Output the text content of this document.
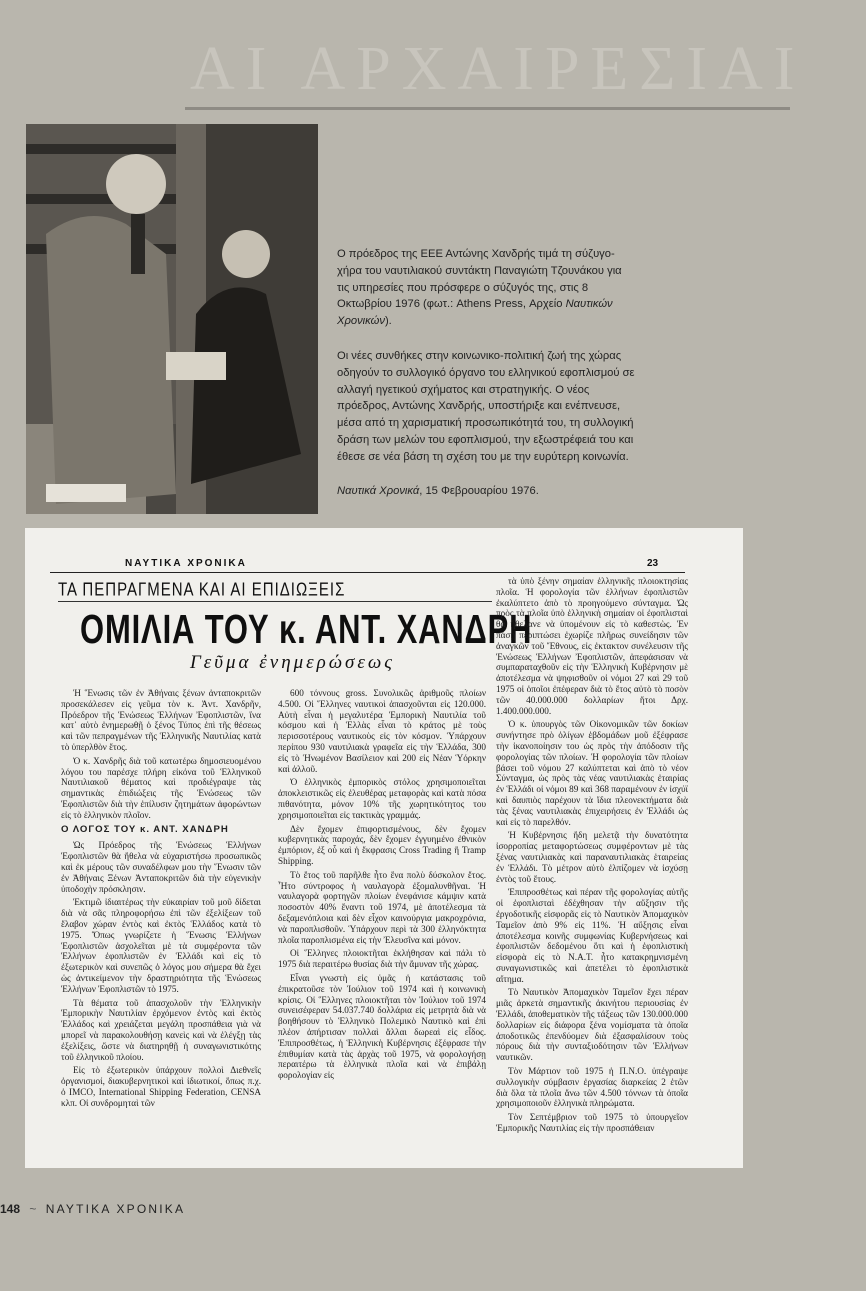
ΑΙ ΑΡΧΑΙΡΕΣΙΑΙ

Ο πρόεδρος της ΕΕΕ Αντώνης Χανδρής τιμά τη σύζυγο-χήρα του ναυτιλιακού συντάκτη Παναγιώτη Τζουνάκου για τις υπηρεσίες που πρόσφερε ο σύζυγός της, στις 8 Οκτωβρίου 1976 (φωτ.: Athens Press, Αρχείο Ναυτικών Χρονικών).

Οι νέες συνθήκες στην κοινωνικο-πολιτική ζωή της χώρας οδηγούν το συλλογικό όργανο του ελληνικού εφοπλισμού σε αλλαγή ηγετικού σχήματος και στρατηγικής. Ο νέος πρόεδρος, Αντώνης Χανδρής, υποστήριξε και ενέπνευσε, μέσα από τη χαρισματική προσωπικότητά του, τη συλλογική δράση των μελών του εφοπλισμού, την εξωστρέφειά του και έθεσε σε νέα βάση τη σχέση του με την ευρύτερη κοινωνία.

Ναυτικά Χρονικά, 15 Φεβρουαρίου 1976.

ΝΑΥΤΙΚΑ ΧΡΟΝΙΚΑ	23
ΤΑ ΠΕΠΡΑΓΜΕΝΑ ΚΑΙ ΑΙ ΕΠΙΔΙΩΞΕΙΣ
ΟΜΙΛΙΑ ΤΟΥ κ. ΑΝΤ. ΧΑΝΔΡΗ
Γεῦμα ἐνημερώσεως

Ἡ Ἕνωσις τῶν ἐν Ἀθήναις ξένων ἀνταποκριτῶν προσεκάλεσεν εἰς γεῦμα τὸν κ. Ἀντ. Χανδρῆν, Πρόεδρον τῆς Ἑνώσεως Ἑλλήνων Ἐφοπλιστῶν, ἵνα κατ᾽ αὐτὸ ἐνημερωθῇ ὁ ξένος Τύπος ἐπὶ τῆς θέσεως καὶ τῶν πεπραγμένων τῆς Ἑλληνικῆς Ναυτιλίας κατὰ τὸ ὑπερλθὸν ἔτος.

Ὁ κ. Χανδρῆς διὰ τοῦ κατωτέρω δημοσιευομένου λόγου του παρέσχε πλήρη εἰκόνα τοῦ Ἑλληνικοῦ Ναυτιλιακοῦ θέματος καὶ προδιέγραψε τὰς σημαντικὰς ἐπιδιώξεις τῆς Ἑνώσεως τῶν Ἐφοπλιστῶν διὰ τὴν ἐπίλυσιν ζητημάτων ἀφορώντων εἰς τὸ ἑλληνικὸν πλοῖον.

Ο ΛΟΓΟΣ ΤΟΥ κ. ΑΝΤ. ΧΑΝΔΡΗ

Ὡς Πρόεδρος τῆς Ἑνώσεως Ἑλλήνων Ἐφοπλιστῶν θὰ ἤθελα νὰ εὐχαριστήσω προσωπικῶς καὶ ἐκ μέρους τῶν συναδέλφων μου τὴν Ἕνωσιν τῶν ἐν Ἀθήναις Ξένων Ἀνταποκριτῶν διὰ τὴν εὐγενικὴν ὑποδοχὴν πρόσκλησιν.

Ἐκτιμῶ ἰδιαιτέρως τὴν εὐκαιρίαν τοῦ μοῦ δίδεται διὰ νὰ σᾶς πληροφορήσω ἐπὶ τῶν ἐξελίξεων τοῦ ἔλαβον χώραν ἐντὸς καὶ ἐκτὸς Ἑλλάδος κατὰ τὸ 1975. Ὅπως γνωρίζετε ἡ Ἕνωσις Ἑλλήνων Ἐφοπλιστῶν ἀσχολεῖται μὲ τὰ συμφέροντα τῶν Ἑλλήνων ἐφοπλιστῶν ἐν Ἑλλάδι καὶ εἰς τὸ ἐξωτερικὸν καὶ συνεπῶς ὁ λόγος μου σήμερα θὰ ἔχει ὡς ἀντικείμενον τὴν δραστηριότητα τῆς Ἑνώσεως Ἑλλήνων Ἐφοπλιστῶν τὸ 1975.

Τὰ θέματα τοῦ ἀπασχολοῦν τὴν Ἑλληνικὴν Ἐμπορικὴν Ναυτιλίαν ἐρχόμενον ἐντὸς καὶ ἐκτὸς Ἑλλάδος καὶ χρειάζεται μεγάλη προσπάθεια γιὰ νὰ μπορεῖ νὰ παρακολουθήσῃ κανεὶς καὶ νὰ ἐλέγξῃ τὰς ἐξελίξεις, ὥστε νὰ διατηρηθῇ ἡ συναγωνιστικότης τοῦ ἑλληνικοῦ πλοίου.

Εἰς τὸ ἐξωτερικὸν ὑπάρχουν πολλοὶ Διεθνεῖς ὀργανισμοί, διακυβερνητικοὶ καὶ ἰδιωτικοί, ὅπως π.χ. ὁ IMCO, International Shipping Federation, CENSA κλπ. Οἱ συνδρομηταὶ τῶν

600 τόννους gross. Συνολικῶς ἀριθμοῦς πλοίων 4.500. Οἱ Ἕλληνες ναυτικοὶ ἀπασχοῦνται εἰς 120.000. Αὐτὴ εἶναι ἡ μεγαλυτέρα Ἐμπορικὴ Ναυτιλία τοῦ κόσμου καὶ ἡ Ἑλλὰς εἶναι τὸ κράτος μὲ τοὺς περισσοτέρους ναυτικοὺς εἰς τὸν κόσμον. Ὑπάρχουν περίπου 930 ναυτιλιακὰ γραφεῖα εἰς τὴν Ἑλλάδα, 300 εἰς τὸ Ἡνωμένον Βασίλειον καὶ 200 εἰς Νέαν Ὑόρκην καὶ ἀλλοῦ.

Ὁ ἑλληνικὸς ἐμπορικὸς στόλος χρησιμοποιεῖται ἀποκλειστικῶς εἰς ἐλευθέρας μεταφορὰς καὶ κατὰ πόσα πιθανότητα, μόνον 10% τῆς χωρητικότητος του χρησιμοποιεῖται εἰς τακτικὰς γραμμάς.

Δὲν ἔχομεν ἐπιφορτισμένους, δὲν ἔχομεν κυβερνητικὰς παροχάς, δὲν ἔχομεν ἐγγυημένο ἐθνικὸν ἐμπόριον, ἐξ οὗ καὶ ἡ ἔκφρασις Cross Trading ἢ Tramp Shipping.

Τὸ ἔτος τοῦ παρῆλθε ἦτο ἕνα πολὺ δύσκολον ἔτος. Ἦτο σύντροφος ἡ ναυλαγορὰ ἐξομαλυνθῆναι. Ἡ ναυλαγορὰ φορτηγῶν πλοίων ἐνεφάνισε κάμψιν κατὰ ποσοστὸν 40% ἔναντι τοῦ 1974, μὲ ἀποτέλεσμα τὰ δεξαμενόπλοια καὶ δὲν εἶχον καινούργια μακροχρόνια, νὰ παροπλισθοῦν. Ὑπάρχουν περὶ τὰ 300 ἑλληνόκτητα πλοῖα παροπλισμένα εἰς τὴν Ἐλευσῖνα καὶ μόνον.

Οἱ Ἕλληνες πλοιοκτῆται ἐκλήθησαν καὶ πάλι τὸ 1975 διὰ περαιτέρω θυσίας διὰ τὴν ἄμυναν τῆς χώρας.

Εἶναι γνωστὴ εἰς ὑμᾶς ἡ κατάστασις τοῦ ἐπικρατοῦσε τὸν Ἰούλιον τοῦ 1974 καὶ ἡ κοινωνικὴ κρίσις. Οἱ Ἕλληνες πλοιοκτῆται τὸν Ἰούλιον τοῦ 1974 συνεισέφεραν 54.037.740 δολλάρια εἰς μετρητὰ διὰ νὰ βοηθήσουν τὸ Ἑλληνικὸ Πολεμικὸ Ναυτικὸ καὶ ἐπὶ πλέον ἀπήρτισαν πολλαὶ ἄλλαι δωρεαὶ εἰς εἶδος. Ἐπιπροσθέτως, ἡ Ἑλληνικὴ Κυβέρνησις ἐξέφρασε τὴν ἐπιθυμίαν κατὰ τὰς ἀρχὰς τοῦ 1975, νὰ φορολογήσῃ περαιτέρω τὰ ἑλληνικὰ πλοῖα καὶ νὰ ἐπιβάλῃ φορολογίαν εἰς

τὰ ὑπὸ ξένην σημαίαν ἑλληνικῆς πλοιοκτησίας πλοῖα. Ἡ φορολογία τῶν ἑλλήνων ἐφοπλιστῶν ἐκαλύπτετο ἀπὸ τὸ προηγούμενο σύνταγμα. Ὡς πρὸς τὰ πλοῖα ὑπὸ ἑλληνικὴ σημαίαν οἱ ἐφοπλισταὶ θὰ ἤθελανε νὰ ὑπομένουν εἰς τὸ καθεστὼς. Ἐν πάσῃ περιπτώσει ἐχωρίζε πλῆρως συνείδησιν τῶν ἀναγκῶν τοῦ Ἔθνους, εἰς ἐκτακτον συνέλευσιν τῆς Ἑνώσεως Ἑλλήνων Ἐφοπλιστῶν, ἀπεφάσισαν νὰ συμπαραταχθοῦν εἰς τὴν Ἑλληνικὴ Κυβέρνησιν μὲ ἀποτέλεσμα νὰ ψηφισθοῦν οἱ νόμοι 27 καὶ 29 τοῦ 1975 οἱ ὁποῖοι ἐπέφεραν διὰ τὸ ἔτος αὐτὸ τὸ ποσὸν τῶν 40.000.000 δολλαρίων ἤτοι Δρχ. 1.400.000.000.

Ὁ κ. ὑπουργὸς τῶν Οἰκονομικῶν τῶν δοκίων συνήντησε πρὸ ὀλίγων ἑβδομάδων μοῦ ἐξέφρασε τὴν ἱκανοποίησιν του ὡς πρὸς τὴν ἀπόδοσιν τῆς φορολογίας τῶν πλοίων. Ἡ φορολογία τῶν πλοίων βάσει τοῦ νόμου 27 καλύπτεται καὶ ἀπὸ τὸ νέον Σύνταγμα, ὡς πρὸς τὰς νέας ναυτιλιακὰς ἐταιρίας ἐν Ἑλλάδι οἱ νόμοι 89 καὶ 368 παραμένουν ἐν ἰσχύϊ καὶ δαυπιὸς παρέχουν τὰ ἴδια πλεονεκτήματα διὰ τὰς ξένας ναυτιλιακὰς ἐπιχειρήσεις ἐν Ἑλλάδι ὡς καὶ εἰς τὸ παρελθόν.

Ἡ Κυβέρνησις ἤδη μελετᾷ τὴν δυνατότητα ἰσορροπίας μεταφορτώσεως συμφέροντων μὲ τὰς ξένας ναυτιλιακὰς καὶ παραναυτιλιακὰς ἑταιρείας ἐν Ἑλλάδι. Τὸ μέτρον αὐτὸ ἐλπίζομεν νὰ ἰσχύσῃ ἐντὸς τοῦ ἔτους.

Ἐπιπροσθέτως καὶ πέραν τῆς φορολογίας αὐτῆς οἱ ἐφοπλισταὶ ἐδέχθησαν τὴν αὔξησιν τῆς ἐργοδοτικῆς εἰσφορᾶς εἰς τὸ Ναυτικὸν Ἀπομαχικὸν Ταμεῖον ἀπὸ 9% εἰς 11%. Ἡ αὔξησις εἶναι ἀποτέλεσμα κοινῆς συμφωνίας Κυβερνήσεως καὶ ἐφοπλιστῶν δεδομένου ὅτι καὶ ἡ ἐφοπλιστικὴ εἰσφορὰ εἰς τὸ Ν.Α.Τ. ἦτο κατακρημνισμένη συναγωνιστικῶς καὶ ἀπετέλει τὸ ἐφοπλιστικὰ αἴτημα.

Τὸ Ναυτικὸν Ἀπομαχικὸν Ταμεῖον ἔχει πέραν μιᾶς ἀρκετὰ σημαντικῆς ἀκινήτου περιουσίας ἐν Ἑλλάδι, ἀποθεματικὸν τῆς τάξεως τῶν 130.000.000 δολλαρίων εἰς διάφορα ξένα νομίσματα τὰ ὁποῖα ἀποδοτικῶς ἐπενδύομεν διὰ ἐξασφαλίσουν τοὺς πόρους διὰ τὴν συνταξιοδότησιν τῶν Ἑλλήνων ναυτικῶν.

Τὸν Μάρτιον τοῦ 1975 ἡ Π.Ν.Ο. ὑπέγραψε συλλογικὴν σύμβασιν ἐργασίας διαρκείας 2 ἐτῶν διὰ ὅλα τὰ πλοῖα ἄνω τῶν 4.500 τόννων τὰ ὁποῖα χρησιμοποιοῦν ἑλληνικὰ πληρώματα.

Τὸν Σεπτέμβριον τοῦ 1975 τὸ ὑπουργεῖον Ἐμπορικῆς Ναυτιλίας εἰς τὴν προσπάθειαν

148 ~ ΝΑΥΤΙΚΑ ΧΡΟΝΙΚΑ
